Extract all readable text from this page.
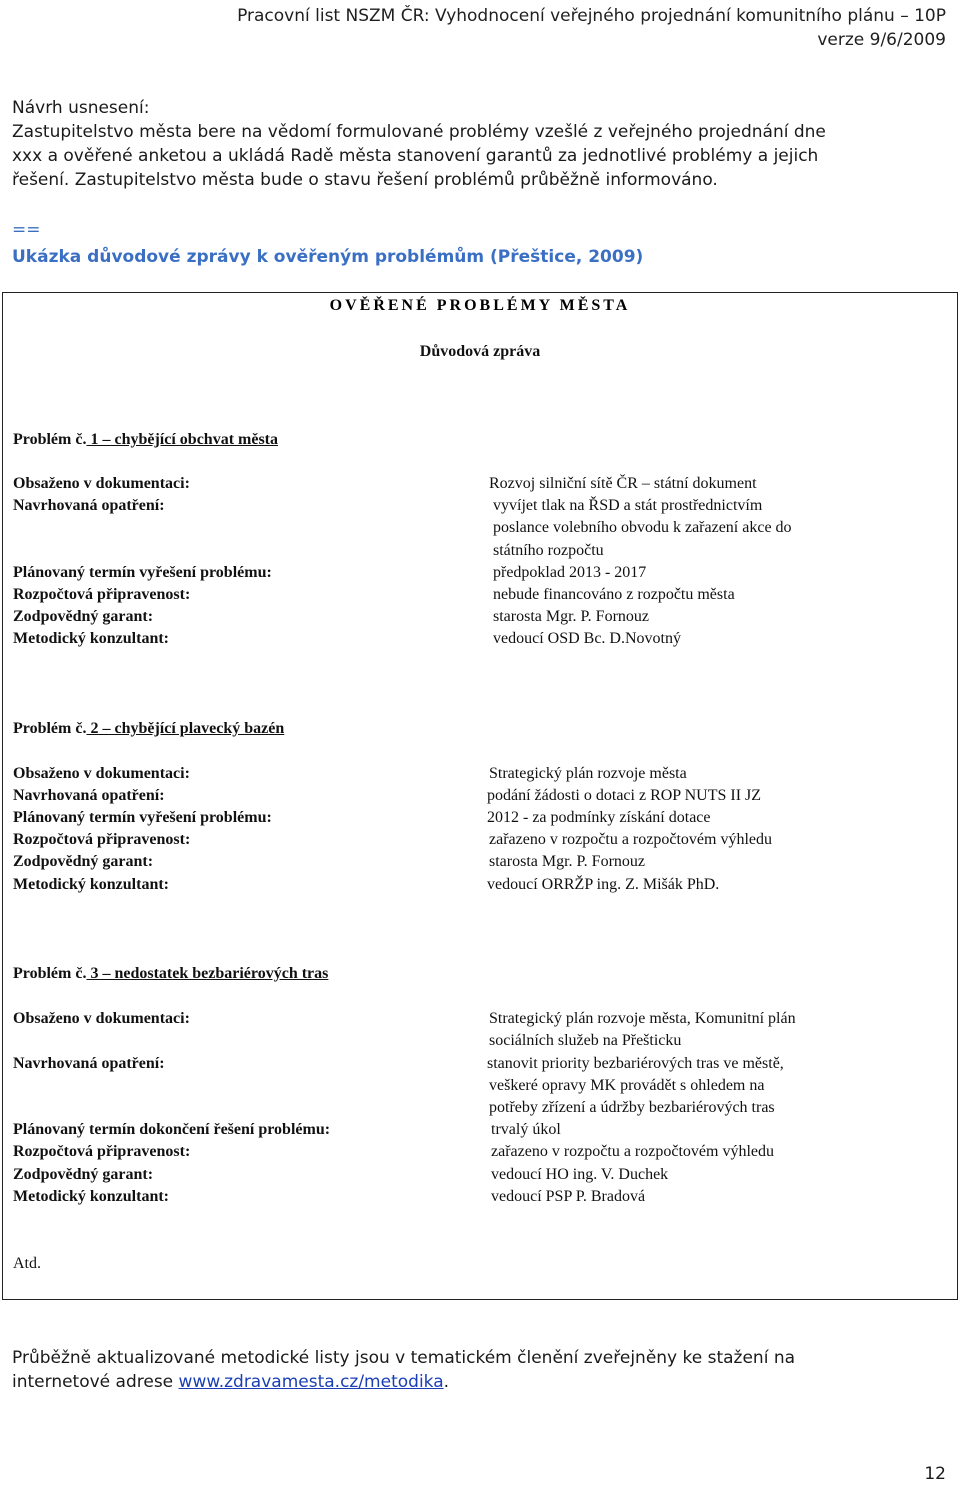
Pracovní list NSZM ČR: Vyhodnocení veřejného projednání komunitního plánu – 10P
verze 9/6/2009
Návrh usnesení:
Zastupitelstvo města bere na vědomí formulované problémy vzešlé z veřejného projednání dne
xxx a ověřené anketou a ukládá Radě města stanovení garantů za jednotlivé problémy a jejich
řešení. Zastupitelstvo města bude o stavu řešení problémů průběžně informováno.
==
Ukázka důvodové zprávy k ověřeným problémům (Přeštice, 2009)
OVĚŘENÉ PROBLÉMY MĚSTA
Důvodová zpráva
Problém č. 1 – chybějící obchvat města
Obsaženo v dokumentaci:
Navrhovaná opatření:
Plánovaný termín vyřešení problému:
Rozpočtová připravenost:
Zodpovědný garant:
Metodický konzultant:
Rozvoj silniční sítě ČR – státní dokument
vyvíjet tlak na ŘSD a stát prostřednictvím
poslance volebního obvodu k zařazení akce do
státního rozpočtu
předpoklad 2013 - 2017
nebude financováno z rozpočtu města
starosta Mgr. P. Fornouz
vedoucí OSD Bc. D.Novotný
Problém č. 2 – chybějící plavecký bazén
Obsaženo v dokumentaci:
Navrhovaná opatření:
Plánovaný termín vyřešení problému:
Rozpočtová připravenost:
Zodpovědný garant:
Metodický konzultant:
Strategický plán rozvoje města
podání žádosti o dotaci z ROP NUTS II JZ
2012 - za podmínky získání dotace
zařazeno v rozpočtu a rozpočtovém výhledu
starosta Mgr. P. Fornouz
vedoucí ORRŽP ing. Z. Mišák PhD.
Problém č. 3 – nedostatek bezbariérových tras
Obsaženo v dokumentaci:
Navrhovaná opatření:
Plánovaný termín dokončení řešení problému:
Rozpočtová připravenost:
Zodpovědný garant:
Metodický konzultant:
Strategický plán rozvoje města, Komunitní plán
sociálních služeb na Přešticku
stanovit priority bezbariérových tras ve městě,
veškeré opravy MK provádět s ohledem na
potřeby zřízení a údržby bezbariérových tras
trvalý úkol
zařazeno v rozpočtu a rozpočtovém výhledu
vedoucí HO ing. V. Duchek
vedoucí PSP P. Bradová
Atd.
Průběžně aktualizované metodické listy jsou v tematickém členění zveřejněny ke stažení na
internetové adrese www.zdravamesta.cz/metodika.
12
